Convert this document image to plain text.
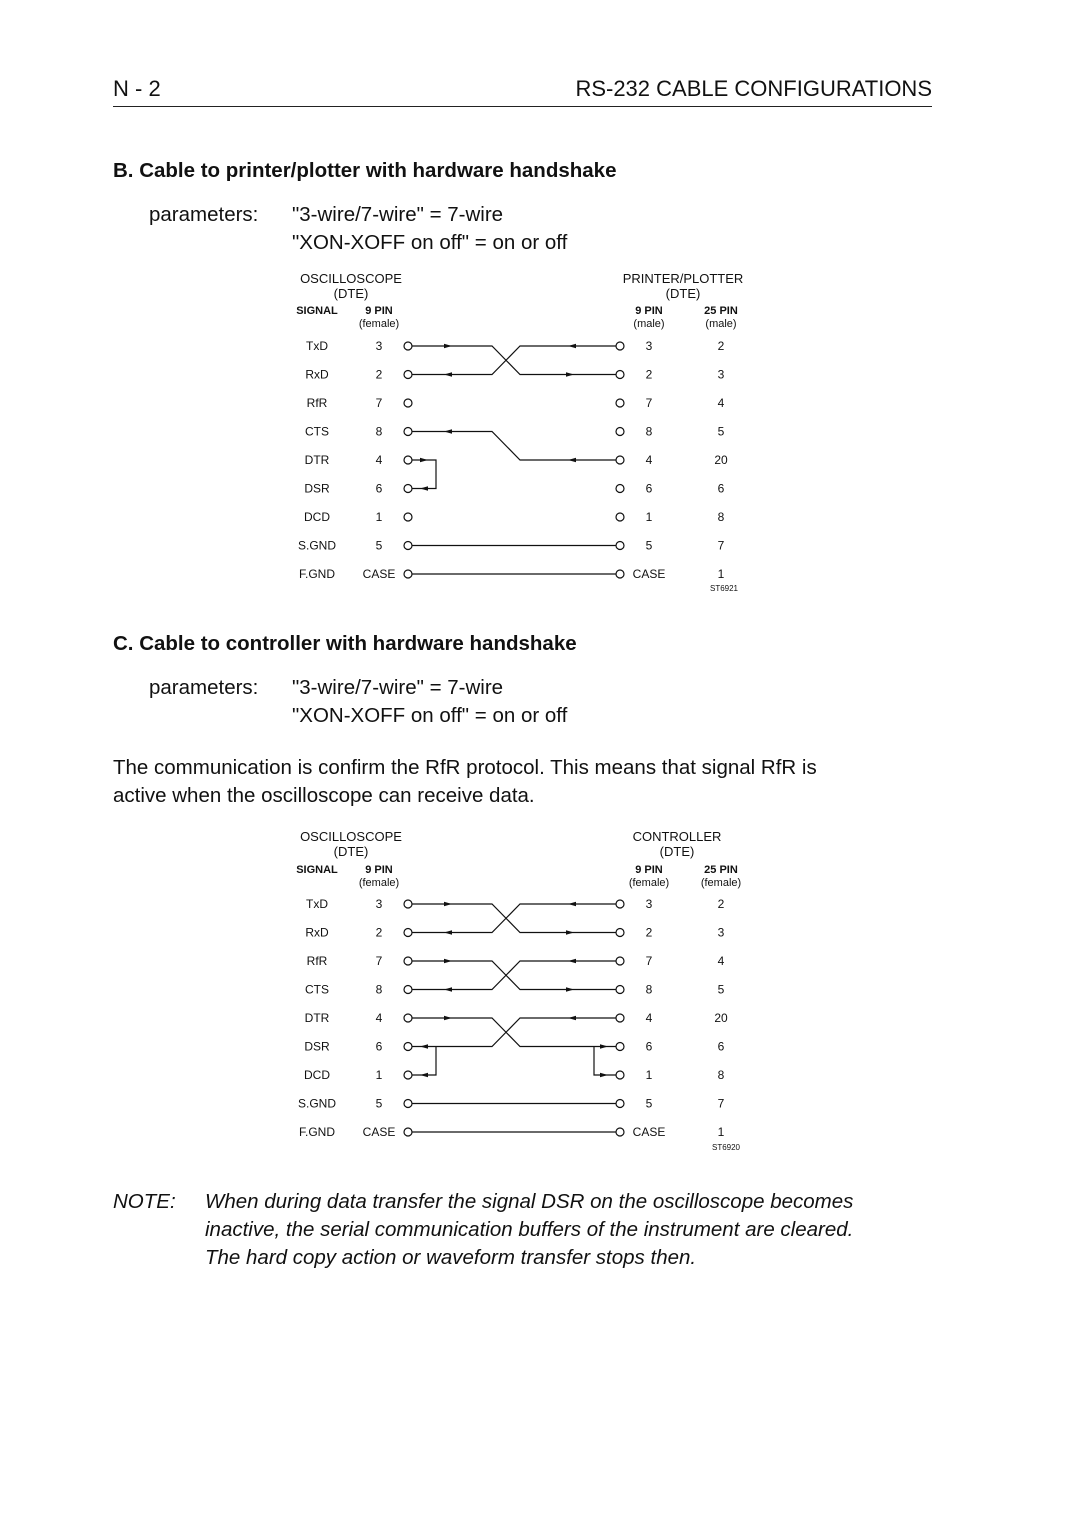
N - 2	RS-232 CABLE CONFIGURATIONS
B. Cable to printer/plotter with hardware handshake
parameters: "3-wire/7-wire" = 7-wire
"XON-XOFF on off" = on or off
OSCILLOSCOPE
(DTE)
PRINTER/PLOTTER
(DTE)
SIGNAL 9 PIN
(female)
9 PIN
(male)
25 PIN
(male)
ST6921
TxD	3	3	2
RxD	2	2	3
RfR	7	7	4
CTS	8	8	5
DTR	4	4	20
DSR	6	6	6
DCD	1	1	8
S.GND	5	5	7
F.GND CASE	CASE	1
C. Cable to controller with hardware handshake
parameters: "3-wire/7-wire" = 7-wire
"XON-XOFF on off" = on or off
The communication is confirm the RfR protocol. This means that signal RfR is
active when the oscilloscope can receive data.
OSCILLOSCOPE
(DTE)
CONTROLLER
(DTE)
SIGNAL 9 PIN
(female)
9 PIN
(female)
25 PIN
(female)
ST6920
TxD	3	3	2
RxD	2	2	3
RfR	7	7	4
CTS	8	8	5
DTR	4	4	20
DSR	6	6	6
DCD	1	1	8
S.GND	5	5	7
F.GND CASE	CASE	1
NOTE: When during data transfer the signal DSR on the oscilloscope becomes
inactive, the serial communication buffers of the instrument are cleared.
The hard copy action or waveform transfer stops then.
